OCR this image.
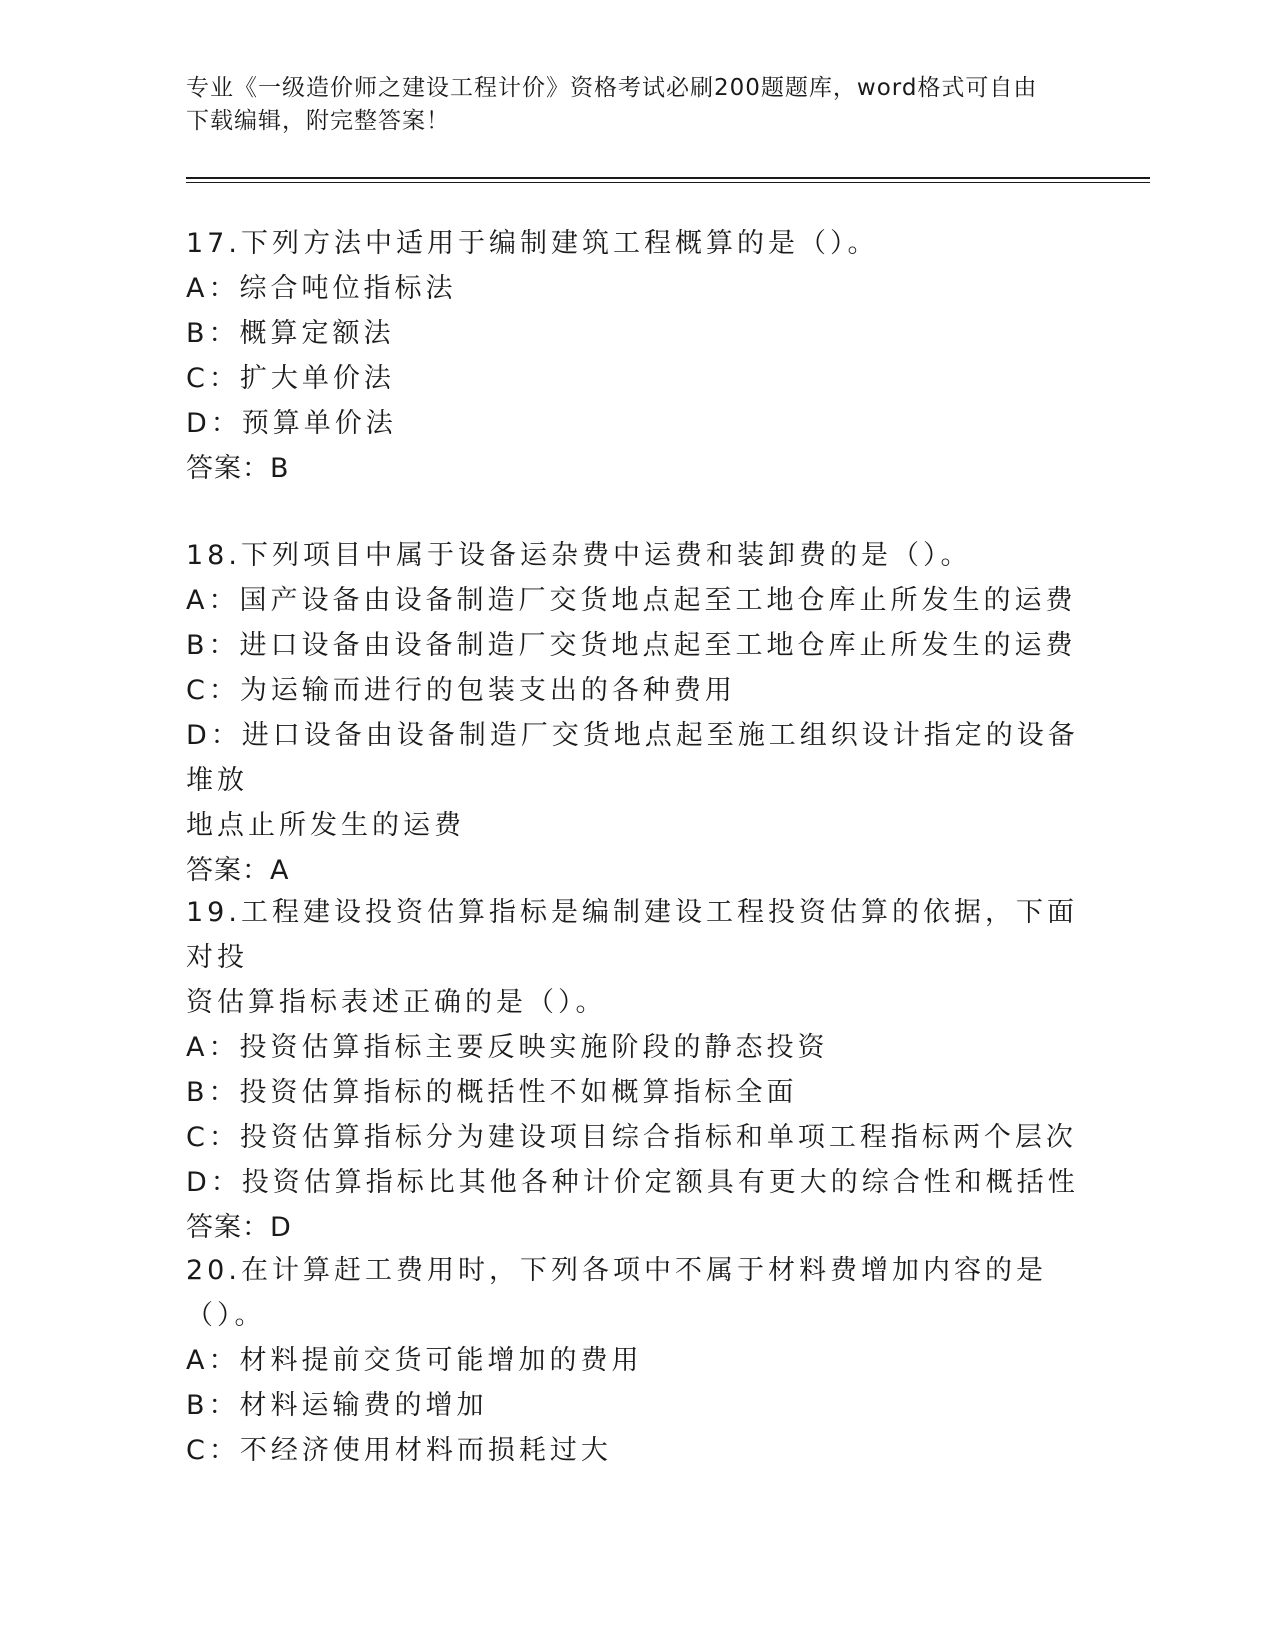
专业《一级造价师之建设工程计价》资格考试必刷200题题库，word格式可自由
下载编辑，附完整答案！
17.下列方法中适用于编制建筑工程概算的是（）。
A：综合吨位指标法
B：概算定额法
C：扩大单价法
D：预算单价法
答案：B
18.下列项目中属于设备运杂费中运费和装卸费的是（）。
A：国产设备由设备制造厂交货地点起至工地仓库止所发生的运费
B：进口设备由设备制造厂交货地点起至工地仓库止所发生的运费
C：为运输而进行的包装支出的各种费用
D：进口设备由设备制造厂交货地点起至施工组织设计指定的设备堆放
地点止所发生的运费
答案：A
19.工程建设投资估算指标是编制建设工程投资估算的依据，下面对投
资估算指标表述正确的是（）。
A：投资估算指标主要反映实施阶段的静态投资
B：投资估算指标的概括性不如概算指标全面
C：投资估算指标分为建设项目综合指标和单项工程指标两个层次
D：投资估算指标比其他各种计价定额具有更大的综合性和概括性
答案：D
20.在计算赶工费用时，下列各项中不属于材料费增加内容的是（）。
A：材料提前交货可能增加的费用
B：材料运输费的增加
C：不经济使用材料而损耗过大
